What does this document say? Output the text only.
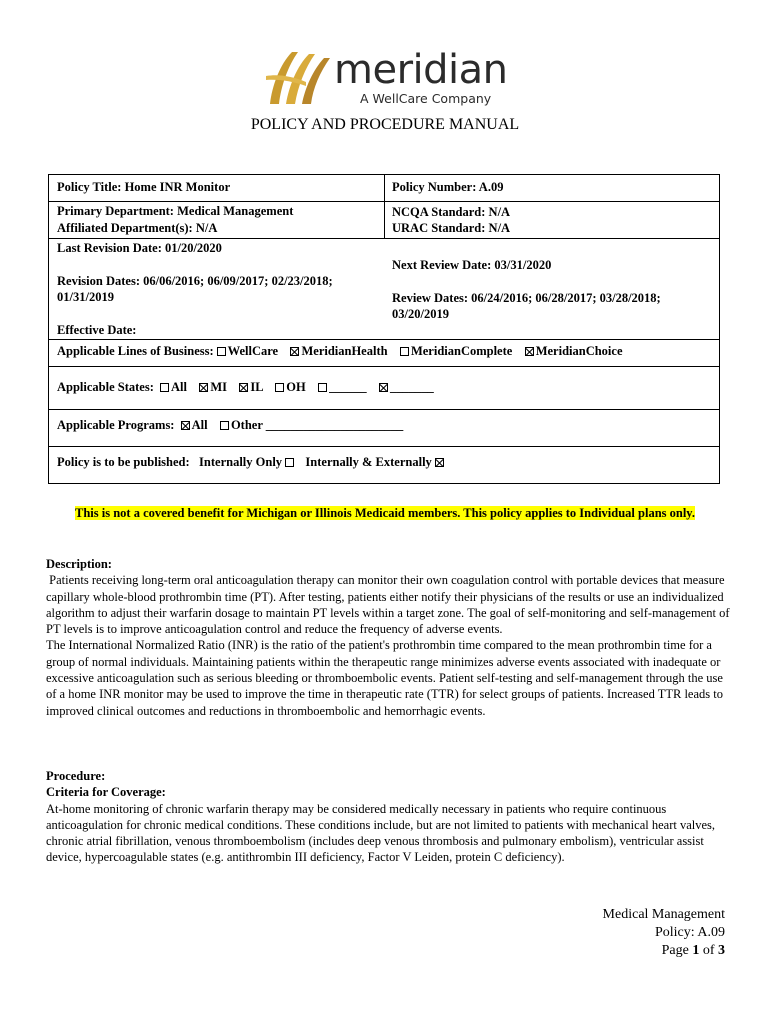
meridian
A WellCare Company
POLICY AND PROCEDURE MANUAL
Policy Title: Home INR Monitor	Policy Number: A.09
Primary Department: Medical Management
Affiliated Department(s): N/A
NCQA Standard: N/A
URAC Standard: N/A
Last Revision Date: 01/20/2020
Next Review Date: 03/31/2020
Revision Dates: 06/06/2016; 06/09/2017; 02/23/2018;
01/31/2019	Review Dates: 06/24/2016; 06/28/2017; 03/28/2018;
03/20/2019
Effective Date:
Applicable Lines of Business: WellCare MeridianHealth MeridianComplete MeridianChoice
Applicable States: All MI IL OH ______ _______
Applicable Programs: All Other ______________________
Policy is to be published: Internally Only Internally & Externally
This is not a covered benefit for Michigan or Illinois Medicaid members. This policy applies to Individual plans only.
Description:
Patients receiving long-term oral anticoagulation therapy can monitor their own coagulation control with portable devices that measure capillary whole-blood prothrombin time (PT). After testing, patients either notify their physicians of the results or use an individualized algorithm to adjust their warfarin dosage to maintain PT levels within a target zone. The goal of self-monitoring and self-management of PT levels is to improve anticoagulation control and reduce the frequency of adverse events.
The International Normalized Ratio (INR) is the ratio of the patient's prothrombin time compared to the mean prothrombin time for a group of normal individuals. Maintaining patients within the therapeutic range minimizes adverse events associated with inadequate or excessive anticoagulation such as serious bleeding or thromboembolic events. Patient self-testing and self-management through the use of a home INR monitor may be used to improve the time in therapeutic rate (TTR) for select groups of patients. Increased TTR leads to improved clinical outcomes and reductions in thromboembolic and hemorrhagic events.
Procedure:
Criteria for Coverage:
At-home monitoring of chronic warfarin therapy may be considered medically necessary in patients who require continuous anticoagulation for chronic medical conditions. These conditions include, but are not limited to patients with mechanical heart valves, chronic atrial fibrillation, venous thromboembolism (includes deep venous thrombosis and pulmonary embolism), ventricular assist device, hypercoagulable states (e.g. antithrombin III deficiency, Factor V Leiden, protein C deficiency).
Medical Management
Policy: A.09
Page 1 of 3
